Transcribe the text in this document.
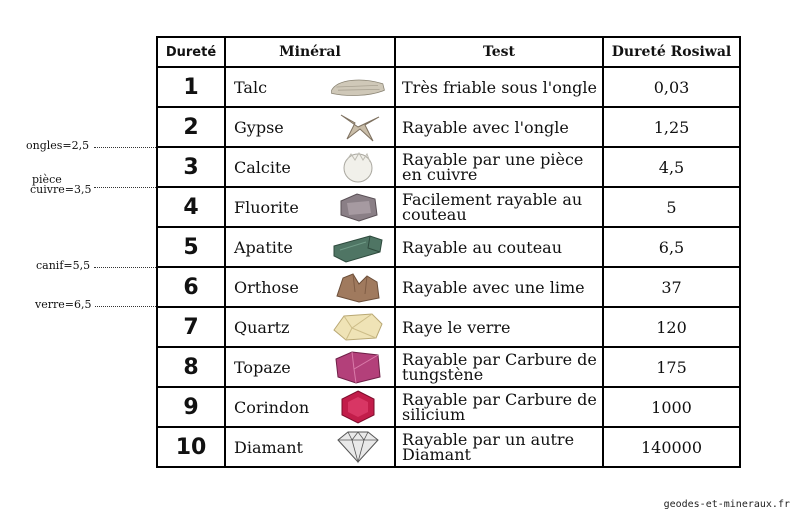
Dureté	Minéral	Test	Dureté Rosiwal
1	Talc	Très friable sous l'ongle	0,03
2	Gypse	Rayable avec l'ongle	1,25
3	Calcite	Rayable par une pièce en cuivre	4,5
4	Fluorite	Facilement rayable au couteau	5
5	Apatite	Rayable au couteau	6,5
6	Orthose	Rayable avec une lime	37
7	Quartz	Raye le verre	120
8	Topaze	Rayable par Carbure de tungstène	175
9	Corindon	Rayable par Carbure de silicium	1000
10	Diamant	Rayable par un autre Diamant	140000
ongles=2,5
pièce
cuivre=3,5
canif=5,5
verre=6,5
geodes-et-mineraux.fr
